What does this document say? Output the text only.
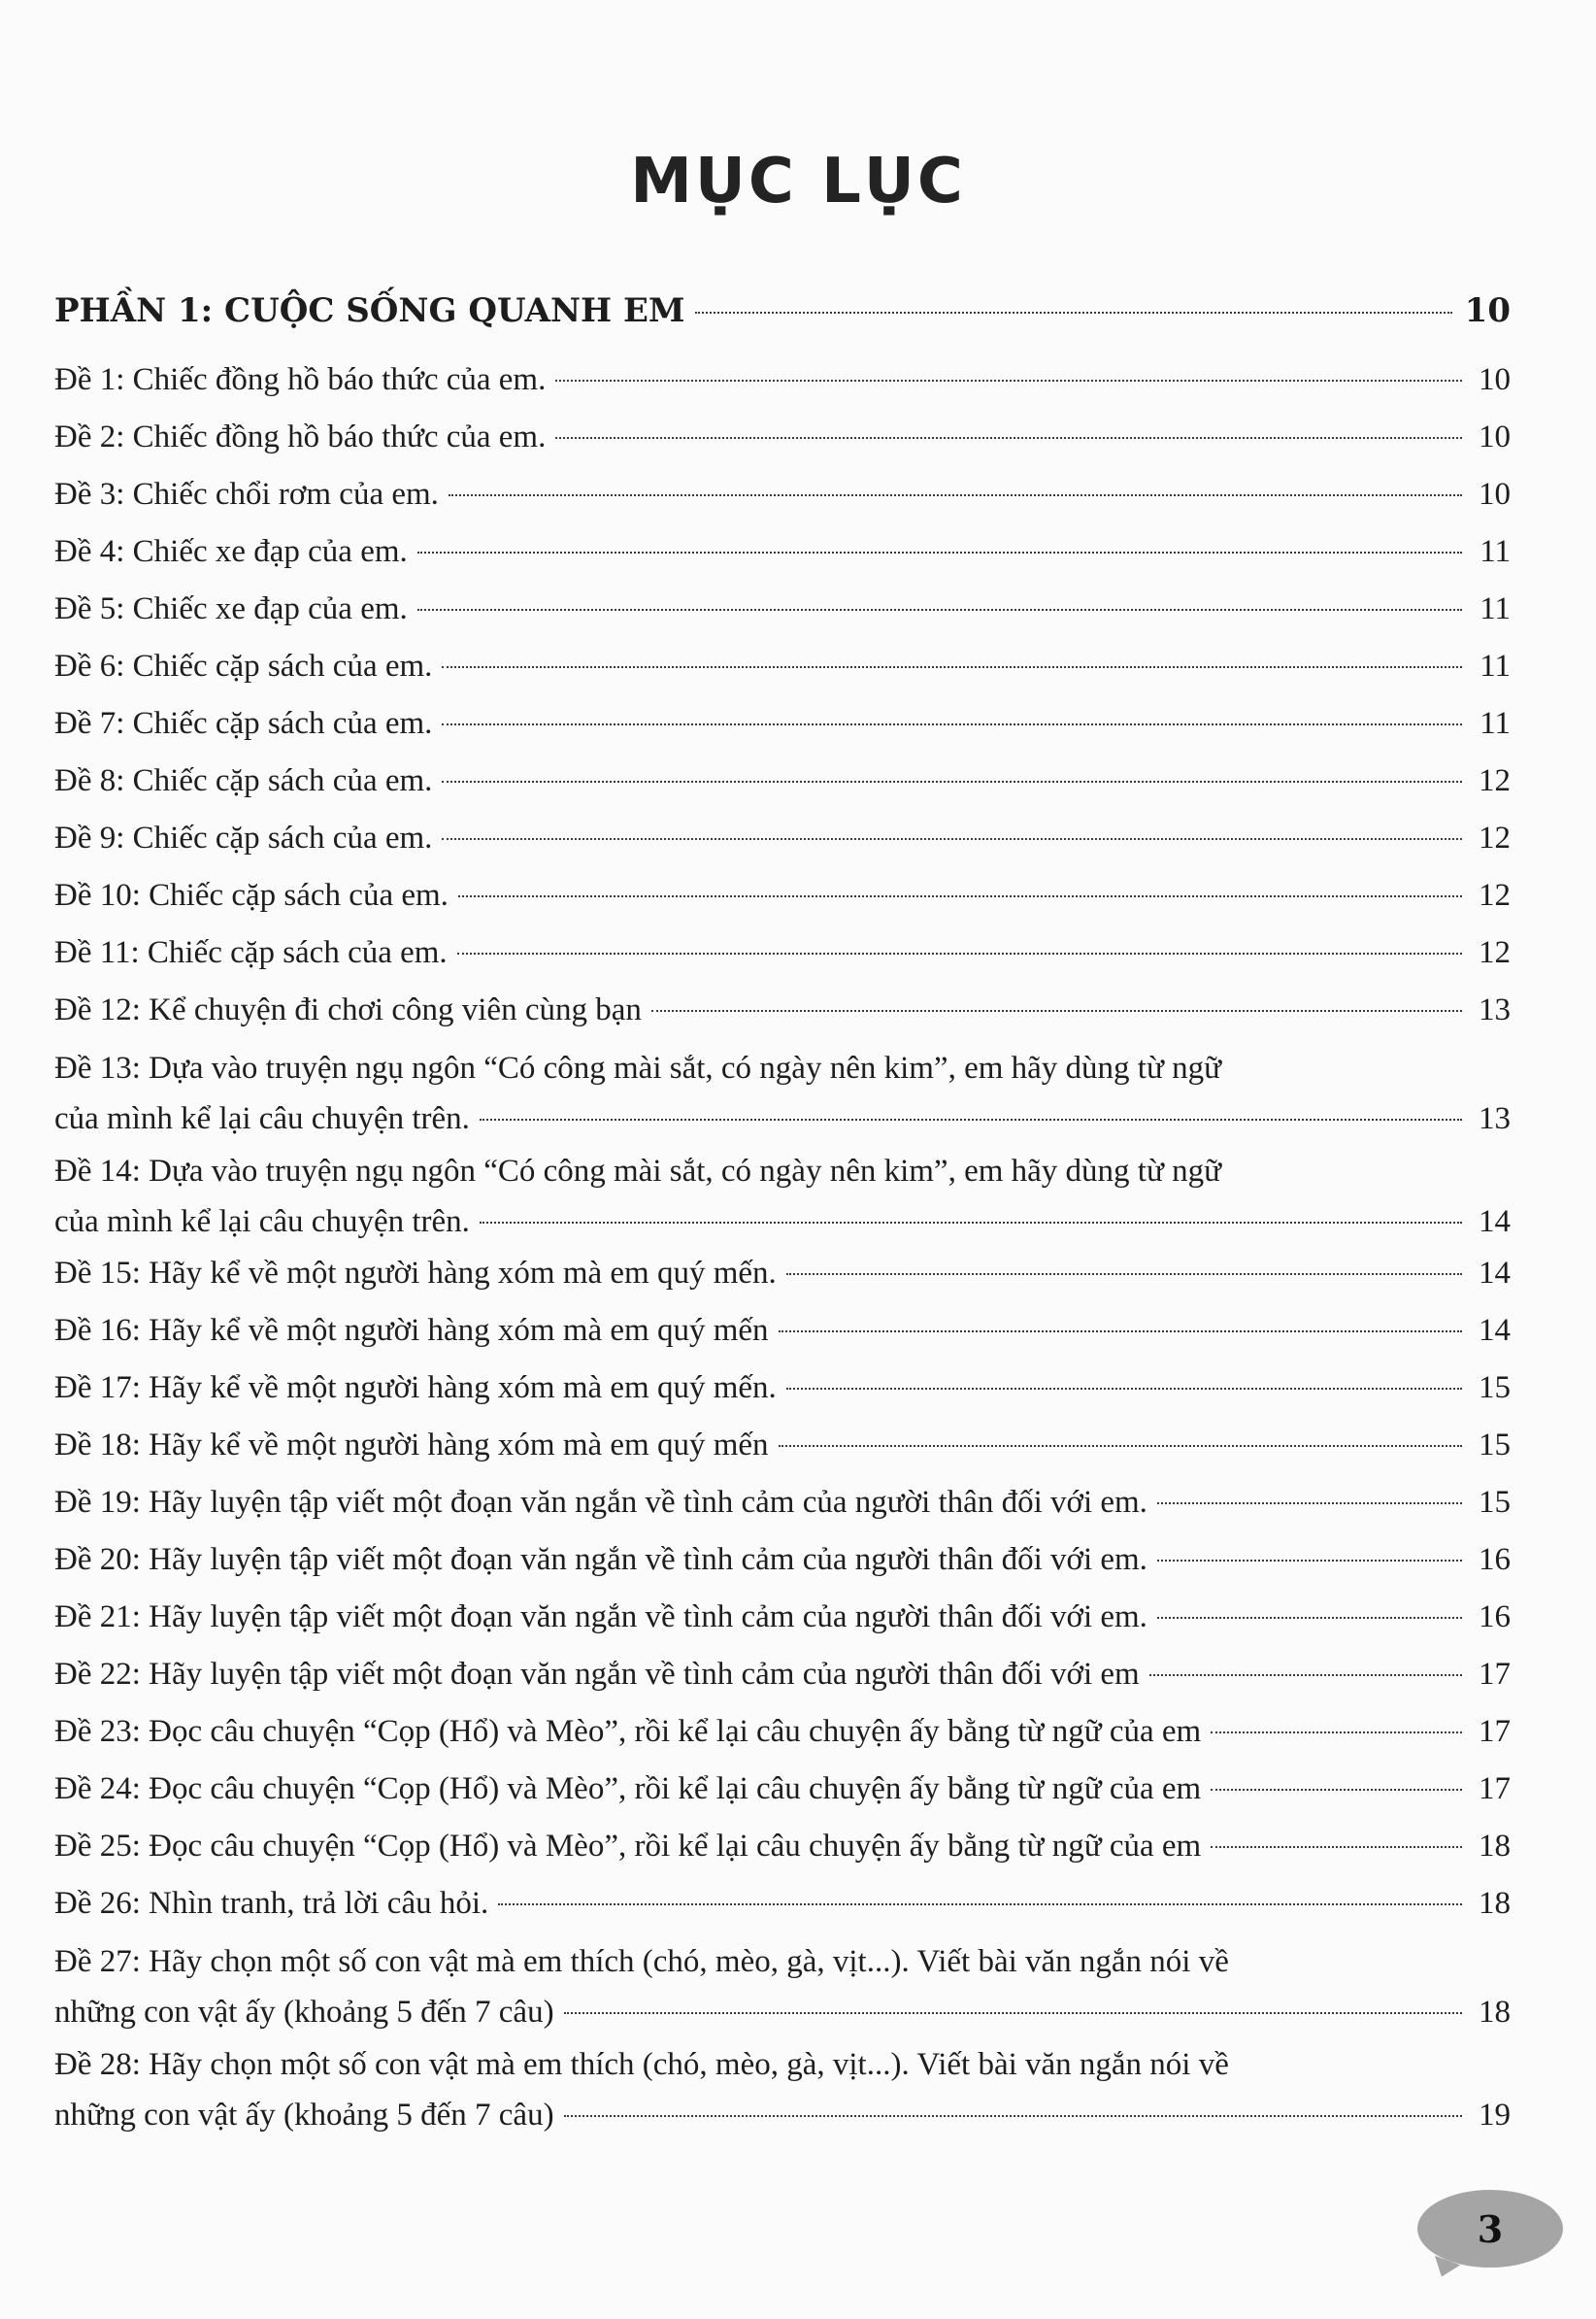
MỤC LỤC
PHẦN 1: CUỘC SỐNG QUANH EM	10
Đề 1: Chiếc đồng hồ báo thức của em.	10
Đề 2: Chiếc đồng hồ báo thức của em.	10
Đề 3: Chiếc chổi rơm của em.	10
Đề 4: Chiếc xe đạp của em.	11
Đề 5: Chiếc xe đạp của em.	11
Đề 6: Chiếc cặp sách của em.	11
Đề 7: Chiếc cặp sách của em.	11
Đề 8: Chiếc cặp sách của em.	12
Đề 9: Chiếc cặp sách của em.	12
Đề 10: Chiếc cặp sách của em.	12
Đề 11: Chiếc cặp sách của em.	12
Đề 12: Kể chuyện đi chơi công viên cùng bạn	13
Đề 13: Dựa vào truyện ngụ ngôn “Có công mài sắt, có ngày nên kim”, em hãy dùng từ ngữ
của mình kể lại câu chuyện trên.	13
Đề 14: Dựa vào truyện ngụ ngôn “Có công mài sắt, có ngày nên kim”, em hãy dùng từ ngữ
của mình kể lại câu chuyện trên.	14
Đề 15: Hãy kể về một người hàng xóm mà em quý mến.	14
Đề 16: Hãy kể về một người hàng xóm mà em quý mến	14
Đề 17: Hãy kể về một người hàng xóm mà em quý mến.	15
Đề 18: Hãy kể về một người hàng xóm mà em quý mến	15
Đề 19: Hãy luyện tập viết một đoạn văn ngắn về tình cảm của người thân đối với em.	15
Đề 20: Hãy luyện tập viết một đoạn văn ngắn về tình cảm của người thân đối với em.	16
Đề 21: Hãy luyện tập viết một đoạn văn ngắn về tình cảm của người thân đối với em.	16
Đề 22: Hãy luyện tập viết một đoạn văn ngắn về tình cảm của người thân đối với em	17
Đề 23: Đọc câu chuyện “Cọp (Hổ) và Mèo”, rồi kể lại câu chuyện ấy bằng từ ngữ của em	17
Đề 24: Đọc câu chuyện “Cọp (Hổ) và Mèo”, rồi kể lại câu chuyện ấy bằng từ ngữ của em	17
Đề 25: Đọc câu chuyện “Cọp (Hổ) và Mèo”, rồi kể lại câu chuyện ấy bằng từ ngữ của em	18
Đề 26: Nhìn tranh, trả lời câu hỏi.	18
Đề 27: Hãy chọn một số con vật mà em thích (chó, mèo, gà, vịt...). Viết bài văn ngắn nói về
những con vật ấy (khoảng 5 đến 7 câu)	18
Đề 28: Hãy chọn một số con vật mà em thích (chó, mèo, gà, vịt...). Viết bài văn ngắn nói về
những con vật ấy (khoảng 5 đến 7 câu)	19
3
